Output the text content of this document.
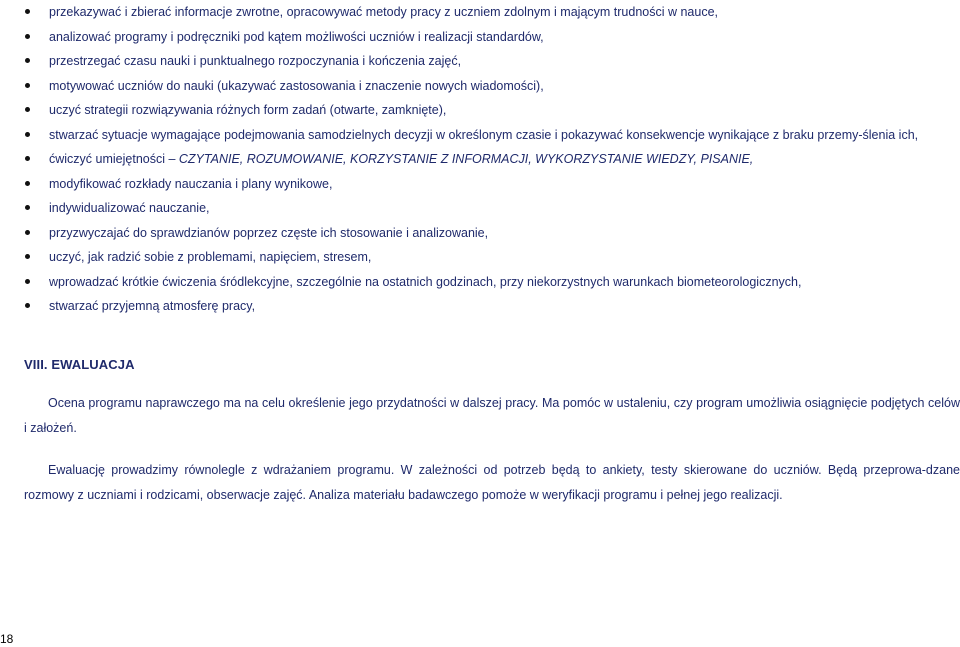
przekazywać i zbierać informacje zwrotne, opracowywać metody pracy z uczniem zdolnym i mającym trudności w nauce,
analizować programy i podręczniki pod kątem możliwości uczniów i realizacji standardów,
przestrzegać czasu nauki i punktualnego rozpoczynania i kończenia zajęć,
motywować uczniów do nauki (ukazywać zastosowania i znaczenie nowych wiadomości),
uczyć strategii rozwiązywania różnych form zadań (otwarte, zamknięte),
stwarzać sytuacje wymagające podejmowania samodzielnych decyzji w określonym czasie i pokazywać konsekwencje wynikające z braku przemy-ślenia ich,
ćwiczyć umiejętności – CZYTANIE, ROZUMOWANIE, KORZYSTANIE Z INFORMACJI, WYKORZYSTANIE WIEDZY, PISANIE,
modyfikować rozkłady nauczania i plany wynikowe,
indywidualizować nauczanie,
przyzwyczajać do sprawdzianów poprzez częste ich stosowanie i analizowanie,
uczyć, jak radzić sobie z problemami, napięciem, stresem,
wprowadzać krótkie ćwiczenia śródlekcyjne, szczególnie na ostatnich godzinach, przy niekorzystnych warunkach biometeorologicznych,
stwarzać przyjemną atmosferę pracy,
VIII. EWALUACJA

Ocena programu naprawczego ma na celu określenie jego przydatności w dalszej pracy. Ma pomóc w ustaleniu, czy program umożliwia osiągnięcie podjętych celów i założeń.

Ewaluację prowadzimy równolegle z wdrażaniem programu. W zależności od potrzeb będą to ankiety, testy skierowane do uczniów. Będą przeprowa-dzane rozmowy z uczniami i rodzicami, obserwacje zajęć. Analiza materiału badawczego pomoże w weryfikacji programu i pełnej jego realizacji.

18
